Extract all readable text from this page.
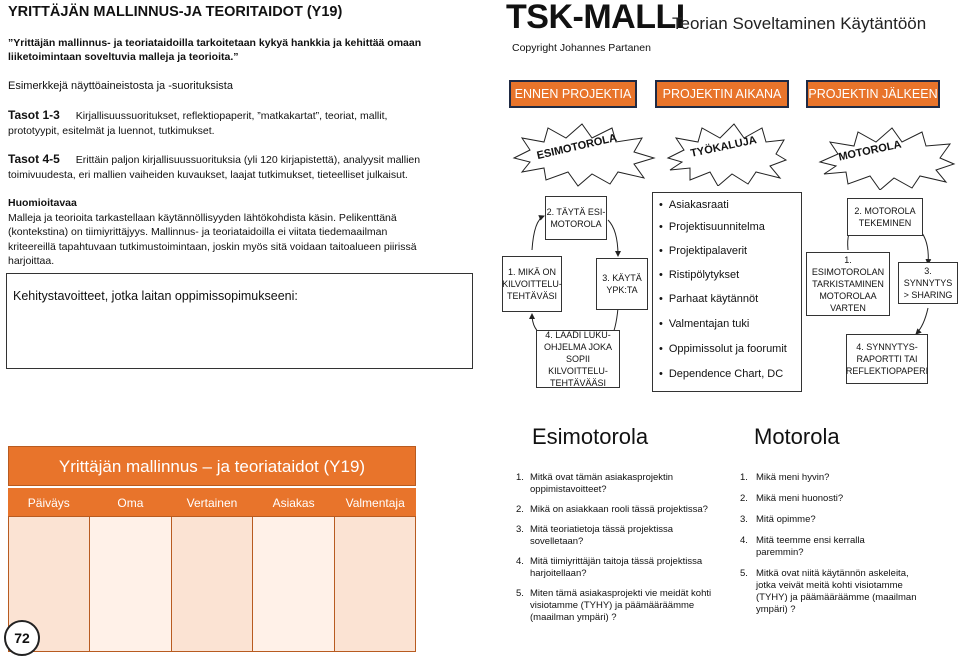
YRITTÄJÄN MALLINNUS-JA TEORITAIDOT (Y19)
”Yrittäjän mallinnus- ja teoriataidoilla tarkoitetaan kykyä hankkia ja kehittää omaan
liiketoimintaan soveltuvia malleja ja teorioita.”
Esimerkkejä näyttöaineistosta ja -suorituksista
Tasot 1-3 Kirjallisuussuoritukset, reflektiopaperit, ”matkakartat”, teoriat, mallit,
prototyypit, esitelmät ja luennot, tutkimukset.
Tasot 4-5 Erittäin paljon kirjallisuussuorituksia (yli 120 kirjapistettä), analyysit mallien
toimivuudesta, eri mallien vaiheiden kuvaukset, laajat tutkimukset, tieteelliset julkaisut.
Huomioitavaa
Malleja ja teorioita tarkastellaan käytännöllisyyden lähtökohdista käsin. Pelikenttänä
(kontekstina) on tiimiyrittäjyys. Mallinnus- ja teoriataidoilla ei viitata tiedemaailman
kriteereillä tapahtuvaan tutkimustoimintaan, joskin myös sitä voidaan taitoalueen piirissä
harjoittaa.
Kehitystavoitteet, jotka laitan oppimissopimukseeni:
Yrittäjän mallinnus – ja teoriataidot (Y19)
Päiväys	Oma	Vertainen	Asiakas	Valmentaja
72
TSK-MALLI
Teorian Soveltaminen Käytäntöön
Copyright Johannes Partanen
ENNEN PROJEKTIA	PROJEKTIN AIKANA	PROJEKTIN JÄLKEEN
ESIMOTOROLA	TYÖKALUJA	MOTOROLA
2. TÄYTÄ ESI-
MOTOROLA
1. MIKÄ ON
KILVOITTELU-
TEHTÄVÄSI
3. KÄYTÄ
YPK:TA
4. LAADI LUKU-
OHJELMA JOKA
SOPII KILVOITTELU-
TEHTÄVÄÄSI
• Asiakasraati
• Projektisuunnitelma
• Projektipalaverit
• Ristipölytykset
• Parhaat käytännöt
• Valmentajan tuki
• Oppimissolut ja foorumit
• Dependence Chart, DC
2. MOTOROLA
TEKEMINEN
1. ESIMOTOROLAN
TARKISTAMINEN
MOTOROLAA
VARTEN
3. SYNNYTYS
> SHARING
4. SYNNYTYS-
RAPORTTI TAI
REFLEKTIOPAPERI
Esimotorola
1. Mitkä ovat tämän asiakasprojektin
oppimistavoitteet?
2. Mikä on asiakkaan rooli tässä projektissa?
3. Mitä teoriatietoja tässä projektissa
sovelletaan?
4. Mitä tiimiyrittäjän taitoja tässä projektissa
harjoitellaan?
5. Miten tämä asiakasprojekti vie meidät kohti
visiotamme (TYHY) ja päämääräämme
(maailman ympäri) ?
Motorola
1. Mikä meni hyvin?
2. Mikä meni huonosti?
3. Mitä opimme?
4. Mitä teemme ensi kerralla
paremmin?
5. Mitkä ovat niitä käytännön askeleita,
jotka veivät meitä kohti visiotamme
(TYHY) ja päämääräämme (maailman
ympäri) ?
